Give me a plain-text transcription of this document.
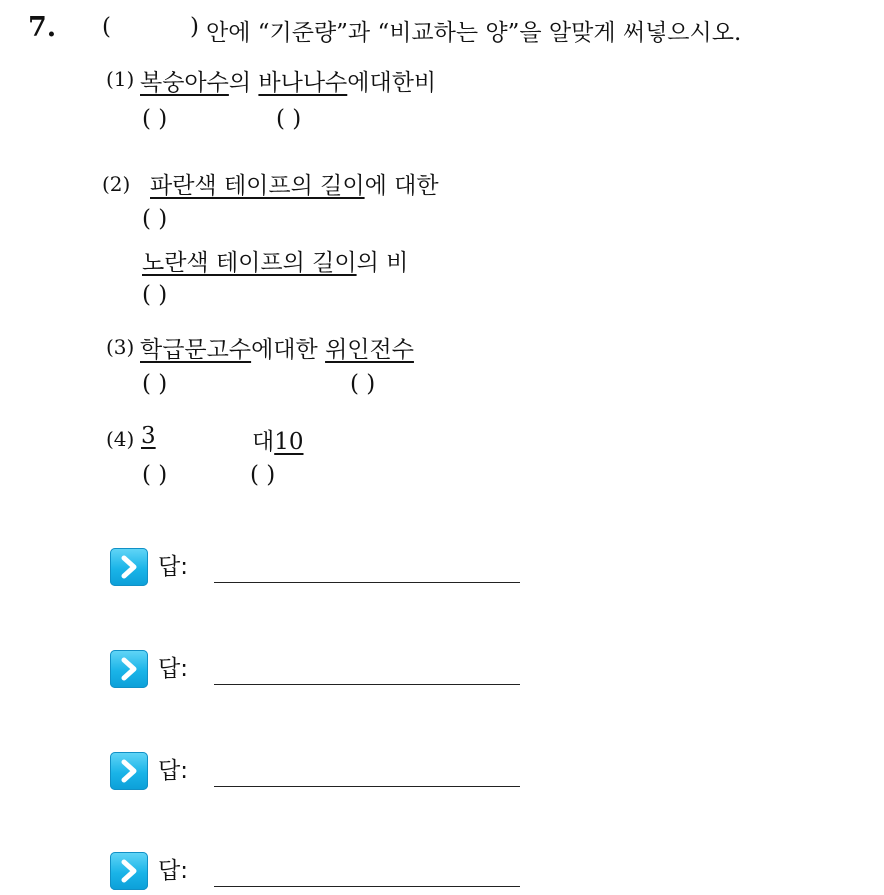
7. (	) 안에 “기준량”과 “비교하는 양”을 알맞게 써넣으시오.
(1) 복숭아수의 바나나수에대한비
( )	( )
(2) 파란색 테이프의 길이에 대한
( )
노란색 테이프의 길이의 비
( )
(3) 학급문고수에대한 위인전수
( )	( )
(4) 3	대10
( )	( )
답:
답:
답:
답:
